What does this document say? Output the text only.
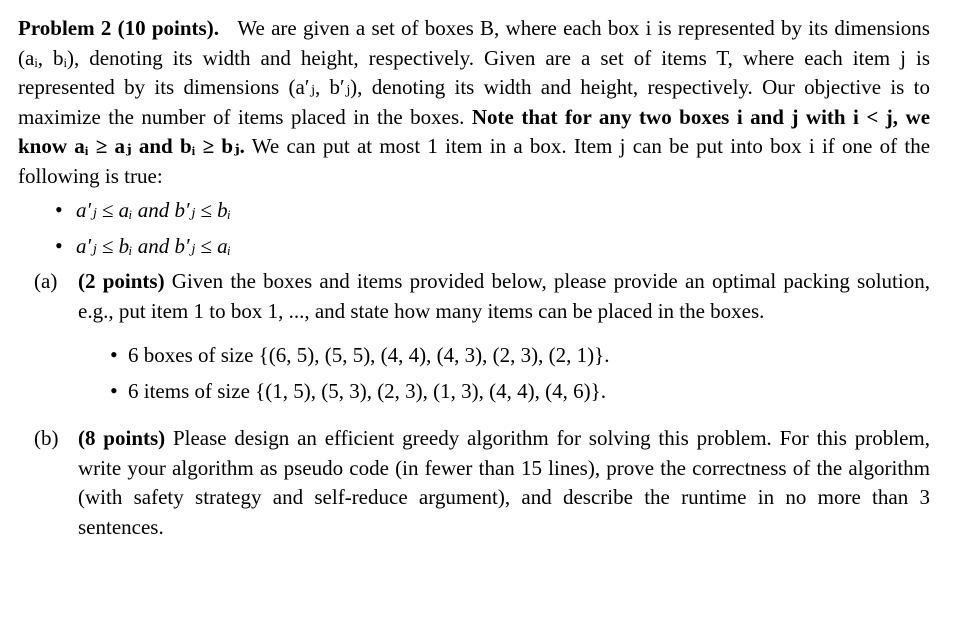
Problem 2 (10 points). We are given a set of boxes B, where each box i is represented by its dimensions (aᵢ, bᵢ), denoting its width and height, respectively. Given are a set of items T, where each item j is represented by its dimensions (a′ⱼ, b′ⱼ), denoting its width and height, respectively. Our objective is to maximize the number of items placed in the boxes. Note that for any two boxes i and j with i < j, we know aᵢ ≥ aⱼ and bᵢ ≥ bⱼ. We can put at most 1 item in a box. Item j can be put into box i if one of the following is true:

• a′ⱼ ≤ aᵢ and b′ⱼ ≤ bᵢ
• a′ⱼ ≤ bᵢ and b′ⱼ ≤ aᵢ
(a) (2 points) Given the boxes and items provided below, please provide an optimal packing solution, e.g., put item 1 to box 1, ..., and state how many items can be placed in the boxes.

• 6 boxes of size {(6, 5), (5, 5), (4, 4), (4, 3), (2, 3), (2, 1)}.
• 6 items of size {(1, 5), (5, 3), (2, 3), (1, 3), (4, 4), (4, 6)}.
(b) (8 points) Please design an efficient greedy algorithm for solving this problem. For this problem, write your algorithm as pseudo code (in fewer than 15 lines), prove the correctness of the algorithm (with safety strategy and self-reduce argument), and describe the runtime in no more than 3 sentences.
